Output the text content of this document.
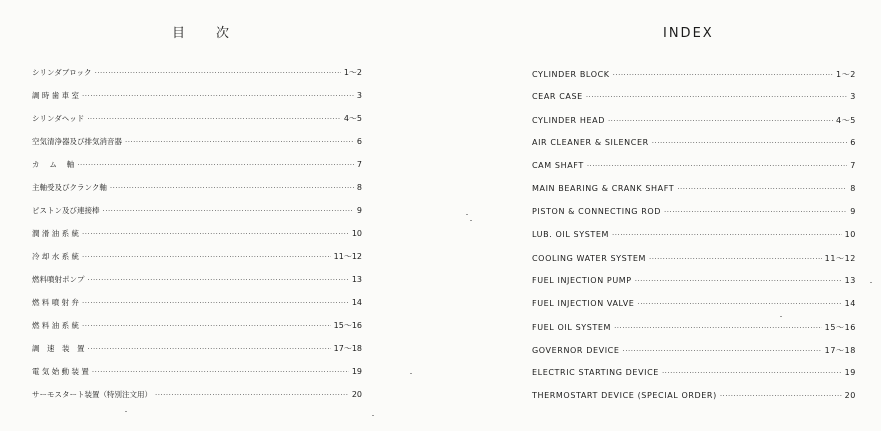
目 次
シリンダブロック ·····	1～2
調 時 歯 車 室 ·····	3
シリンダヘッド ·····	4～5
空気清浄器及び排気消音器 ·····	6
カ　 ム　 軸 ·····	7
主軸受及びクランク軸 ·····	8
ピストン及び連接棒 ·····	9
潤 滑 油 系 統 ·····	10
冷 却 水 系 統 ·····	11～12
燃料噴射ポンプ ·····	13
燃 料 噴 射 弁 ·····	14
燃 料 油 系 統 ·····	15～16
調　速　装　置 ·····	17～18
電 気 始 動 装 置 ·····	19
サーモスタート装置（特別注文用） ·····	20
INDEX
CYLINDER BLOCK ·····	1～2
CEAR CASE ·····	3
CYLINDER HEAD ·····	4～5
AIR CLEANER & SILENCER ·····	6
CAM SHAFT ·····	7
MAIN BEARING & CRANK SHAFT ·····	8
PISTON & CONNECTING ROD ·····	9
LUB. OIL SYSTEM ·····	10
COOLING WATER SYSTEM ·····	11～12
FUEL INJECTION PUMP ·····	13
FUEL INJECTION VALVE ·····	14
FUEL OIL SYSTEM ·····	15～16
GOVERNOR DEVICE ·····	17～18
ELECTRIC STARTING DEVICE ·····	19
THERMOSTART DEVICE (SPECIAL ORDER) ·····	20
